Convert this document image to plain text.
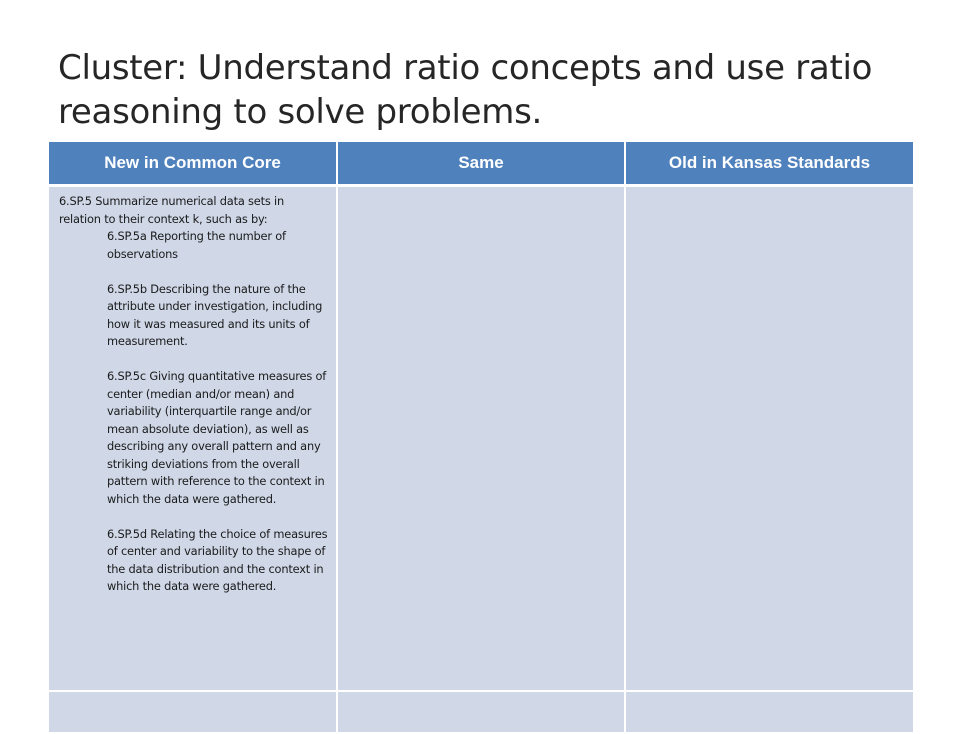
Cluster: Understand ratio concepts and use ratio reasoning to solve problems.
New in Common Core	Same	Old in Kansas Standards

6.SP.5 Summarize numerical data sets in relation to their context k, such as by:
6.SP.5a Reporting the number of observations
6.SP.5b Describing the nature of the attribute under investigation, including how it was measured and its units of measurement.
6.SP.5c Giving quantitative measures of center (median and/or mean) and variability (interquartile range and/or mean absolute deviation), as well as describing any overall pattern and any striking deviations from the overall pattern with reference to the context in which the data were gathered.
6.SP.5d Relating the choice of measures of center and variability to the shape of the data distribution and the context in which the data were gathered.		
